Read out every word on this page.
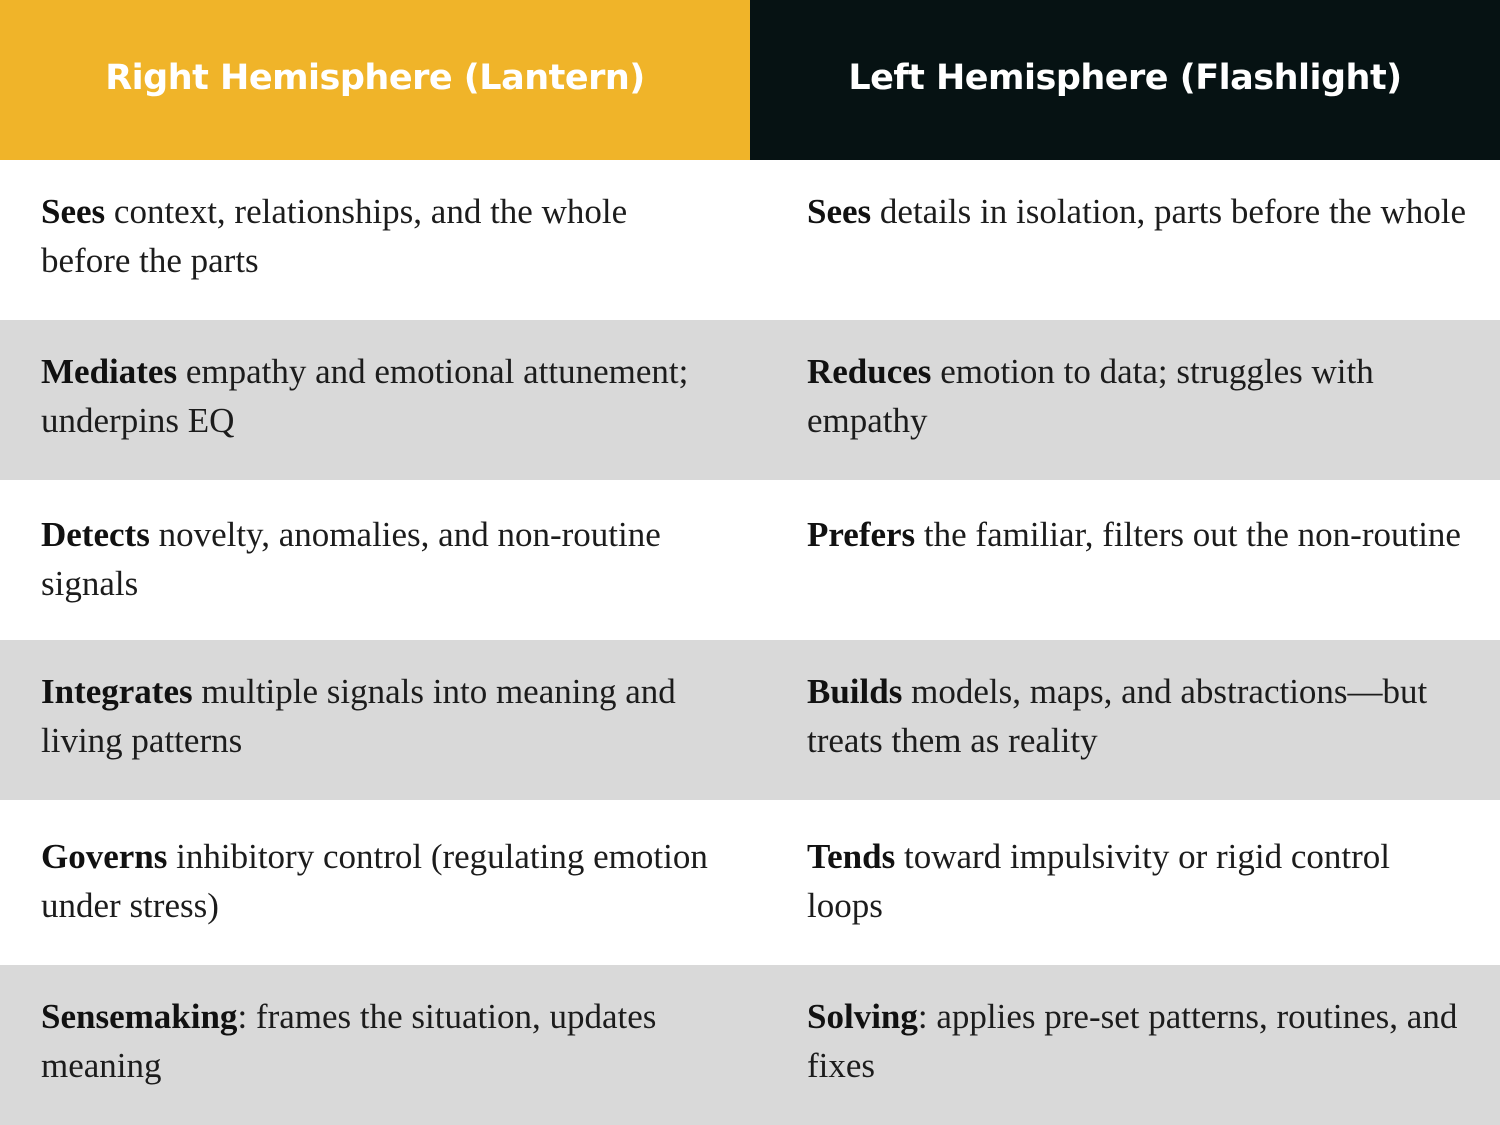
Right Hemisphere (Lantern)	Left Hemisphere (Flashlight)
Sees context, relationships, and the whole before the parts
Sees details in isolation, parts before the whole
Mediates empathy and emotional attunement; underpins EQ
Reduces emotion to data; struggles with empathy
Detects novelty, anomalies, and non-routine signals
Prefers the familiar, filters out the non-routine
Integrates multiple signals into meaning and living patterns
Builds models, maps, and abstractions—but treats them as reality
Governs inhibitory control (regulating emotion under stress)
Tends toward impulsivity or rigid control loops
Sensemaking: frames the situation, updates meaning
Solving: applies pre-set patterns, routines, and fixes
